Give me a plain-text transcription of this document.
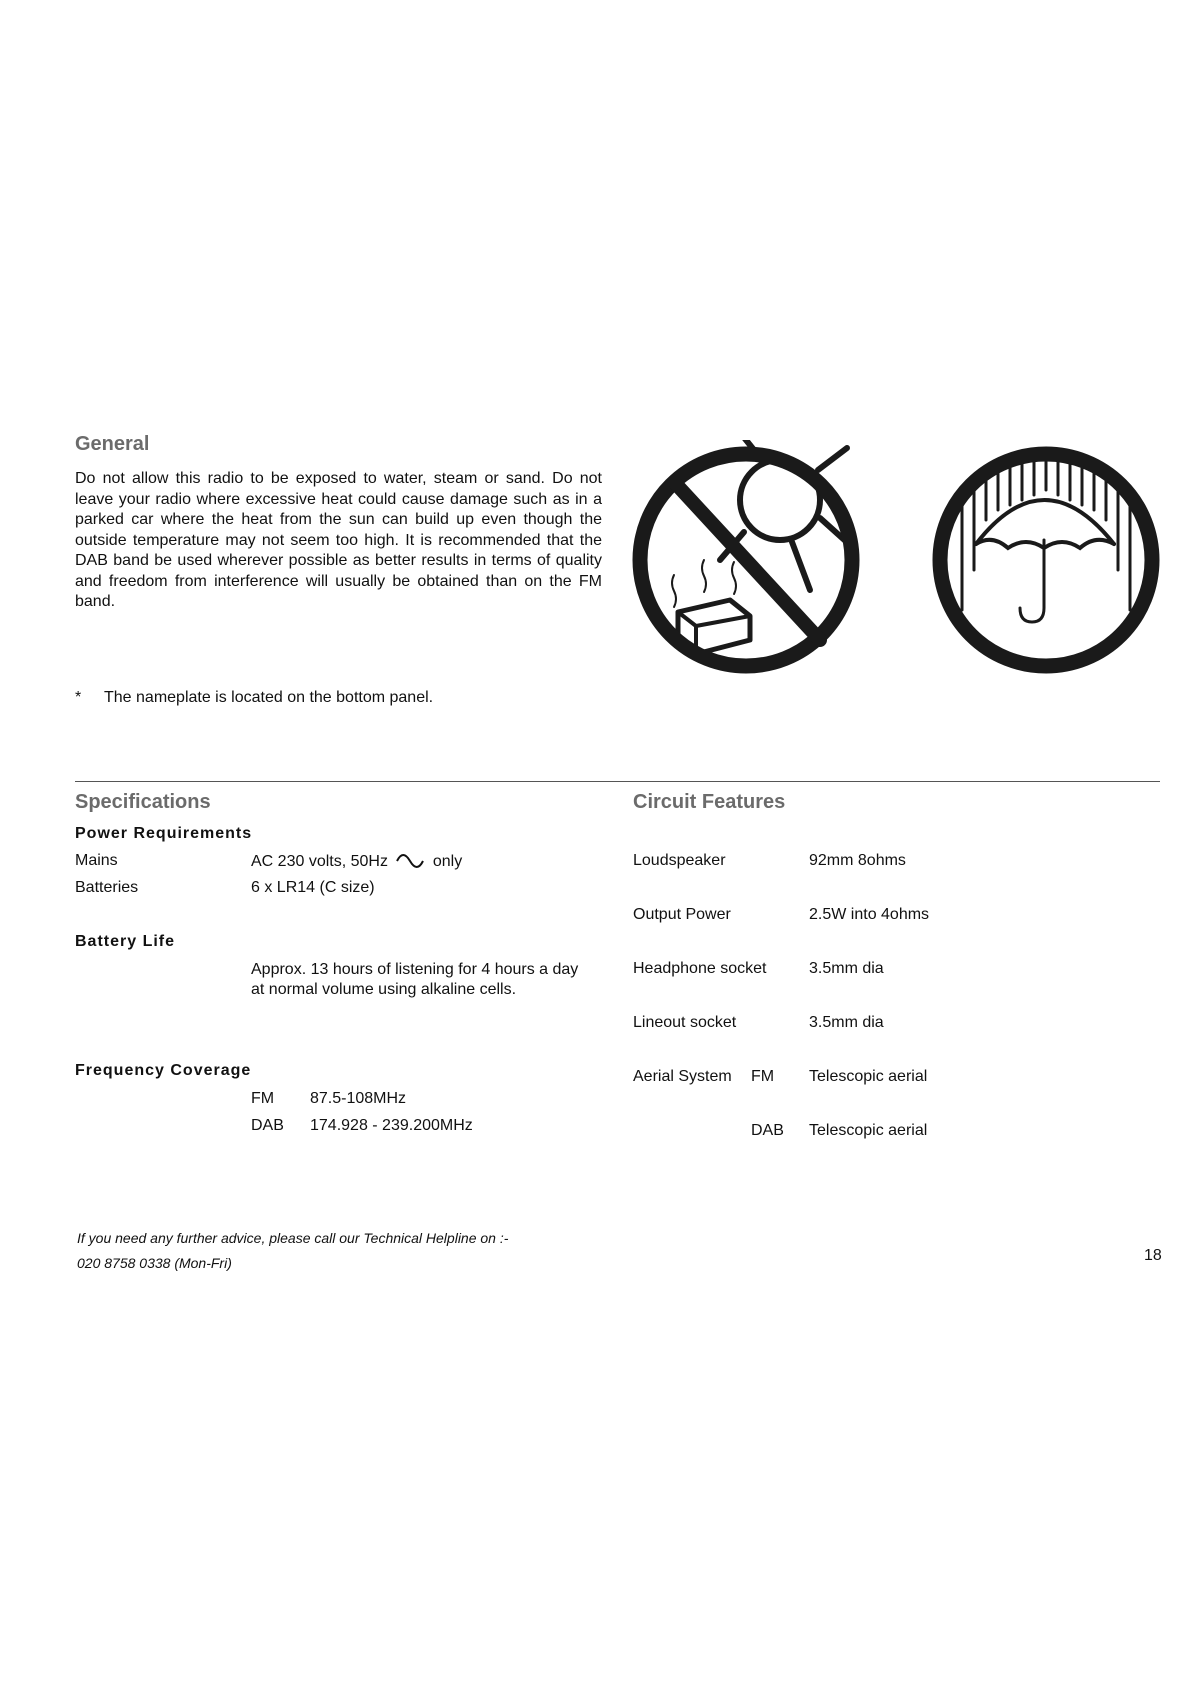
General
Do not allow this radio to be exposed to water, steam or sand. Do not leave your radio where excessive heat could cause damage such as in a parked car where the heat from the sun can build up even though the outside temperature may not seem too high. It is recommended that the DAB band be used wherever possible as better results in terms of quality and freedom from interference will usually be obtained than on the FM band.
* The nameplate is located on the bottom panel.
Specifications
Power Requirements
Mains	AC 230 volts, 50Hz	only
Batteries	6 x LR14 (C size)
Battery Life
Approx. 13 hours of listening for 4 hours a day
at normal volume using alkaline cells.
Frequency Coverage
FM 87.5-108MHz
DAB 174.928 - 239.200MHz
Circuit Features
Loudspeaker	92mm 8ohms
Output Power	2.5W into 4ohms
Headphone socket	3.5mm dia
Lineout socket	3.5mm dia
Aerial System FM Telescopic aerial
DAB Telescopic aerial
If you need any further advice, please call our Technical Helpline on :-
020 8758 0338 (Mon-Fri)	18
